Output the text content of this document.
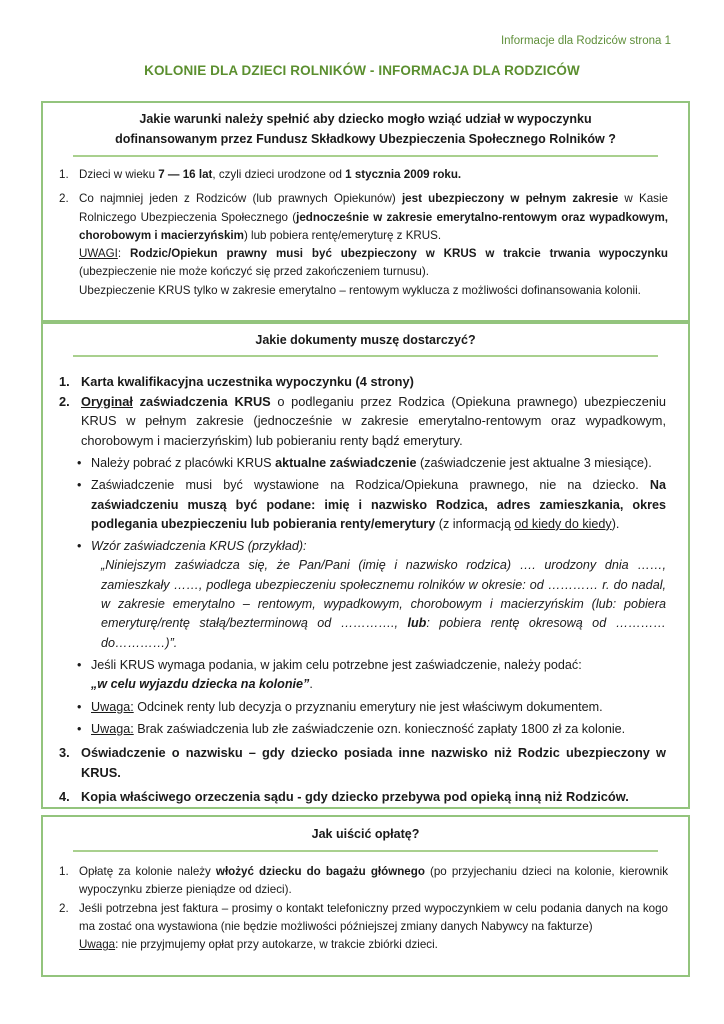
Informacje dla Rodziców strona 1
KOLONIE DLA DZIECI ROLNIKÓW - INFORMACJA DLA RODZICÓW
Jakie warunki należy spełnić aby dziecko mogło wziąć udział w wypoczynku
dofinansowanym przez Fundusz Składkowy Ubezpieczenia Społecznego Rolników ?
1. Dzieci w wieku 7 — 16 lat, czyli dzieci urodzone od 1 stycznia 2009 roku.
2. Co najmniej jeden z Rodziców (lub prawnych Opiekunów) jest ubezpieczony w pełnym zakresie w Kasie Rolniczego Ubezpieczenia Społecznego (jednocześnie w zakresie emerytalno-rentowym oraz wypadkowym, chorobowym i macierzyńskim) lub pobiera rentę/emeryturę z KRUS.
UWAGI: Rodzic/Opiekun prawny musi być ubezpieczony w KRUS w trakcie trwania wypoczynku (ubezpieczenie nie może kończyć się przed zakończeniem turnusu).
Ubezpieczenie KRUS tylko w zakresie emerytalno – rentowym wyklucza z możliwości dofinansowania kolonii.
Jakie dokumenty muszę dostarczyć?
1. Karta kwalifikacyjna uczestnika wypoczynku (4 strony)
2. Oryginał zaświadczenia KRUS o podleganiu przez Rodzica (Opiekuna prawnego) ubezpieczeniu KRUS w pełnym zakresie (jednocześnie w zakresie emerytalno-rentowym oraz wypadkowym, chorobowym i macierzyńskim) lub pobieraniu renty bądź emerytury.
• Należy pobrać z placówki KRUS aktualne zaświadczenie (zaświadczenie jest aktualne 3 miesiące).
• Zaświadczenie musi być wystawione na Rodzica/Opiekuna prawnego, nie na dziecko. Na zaświadczeniu muszą być podane: imię i nazwisko Rodzica, adres zamieszkania, okres podlegania ubezpieczeniu lub pobierania renty/emerytury (z informacją od kiedy do kiedy).
• Wzór zaświadczenia KRUS (przykład):
„Niniejszym zaświadcza się, że Pan/Pani (imię i nazwisko rodzica) …. urodzony dnia ……, zamieszkały ……, podlega ubezpieczeniu społecznemu rolników w okresie: od ………… r. do nadal, w zakresie emerytalno – rentowym, wypadkowym, chorobowym i macierzyńskim (lub: pobiera emeryturę/rentę stałą/bezterminową od …………., lub: pobiera rentę okresową od ………… do…………)”.
• Jeśli KRUS wymaga podania, w jakim celu potrzebne jest zaświadczenie, należy podać:
„w celu wyjazdu dziecka na kolonie”.
• Uwaga: Odcinek renty lub decyzja o przyznaniu emerytury nie jest właściwym dokumentem.
• Uwaga: Brak zaświadczenia lub złe zaświadczenie ozn. konieczność zapłaty 1800 zł za kolonie.
3. Oświadczenie o nazwisku – gdy dziecko posiada inne nazwisko niż Rodzic ubezpieczony w KRUS.
4. Kopia właściwego orzeczenia sądu - gdy dziecko przebywa pod opieką inną niż Rodziców.
Jak uiścić opłatę?
1. Opłatę za kolonie należy włożyć dziecku do bagażu głównego (po przyjechaniu dzieci na kolonie, kierownik wypoczynku zbierze pieniądze od dzieci).
2. Jeśli potrzebna jest faktura – prosimy o kontakt telefoniczny przed wypoczynkiem w celu podania danych na kogo ma zostać ona wystawiona (nie będzie możliwości późniejszej zmiany danych Nabywcy na fakturze)
Uwaga: nie przyjmujemy opłat przy autokarze, w trakcie zbiórki dzieci.
